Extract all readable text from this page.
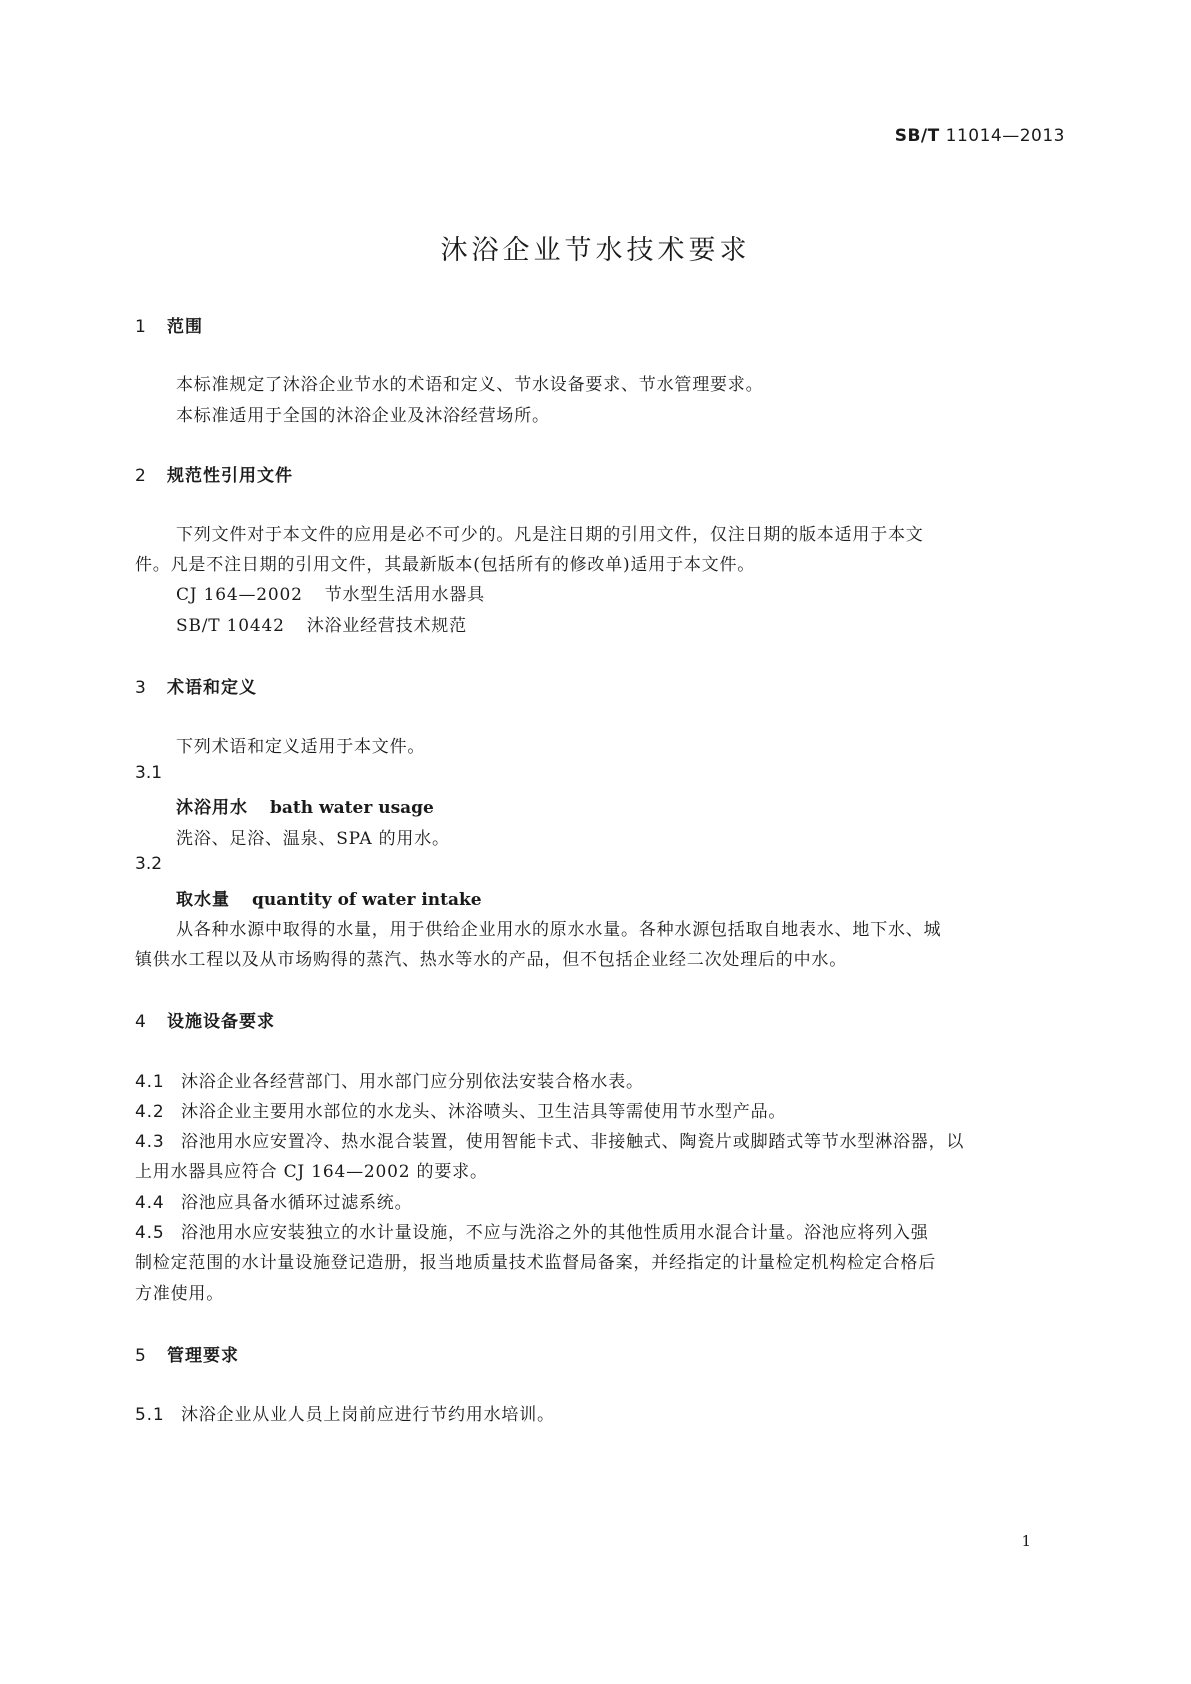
SB/T 11014—2013
沐浴企业节水技术要求
1 范围
本标准规定了沐浴企业节水的术语和定义、节水设备要求、节水管理要求。
本标准适用于全国的沐浴企业及沐浴经营场所。
2 规范性引用文件
下列文件对于本文件的应用是必不可少的。凡是注日期的引用文件，仅注日期的版本适用于本文
件。凡是不注日期的引用文件，其最新版本(包括所有的修改单)适用于本文件。
CJ 164—2002 节水型生活用水器具
SB/T 10442 沐浴业经营技术规范
3 术语和定义
下列术语和定义适用于本文件。
3.1
沐浴用水 bath water usage
洗浴、足浴、温泉、SPA 的用水。
3.2
取水量 quantity of water intake
从各种水源中取得的水量，用于供给企业用水的原水水量。各种水源包括取自地表水、地下水、城
镇供水工程以及从市场购得的蒸汽、热水等水的产品，但不包括企业经二次处理后的中水。
4 设施设备要求
4.1 沐浴企业各经营部门、用水部门应分别依法安装合格水表。
4.2 沐浴企业主要用水部位的水龙头、沐浴喷头、卫生洁具等需使用节水型产品。
4.3 浴池用水应安置冷、热水混合装置，使用智能卡式、非接触式、陶瓷片或脚踏式等节水型淋浴器，以
上用水器具应符合 CJ 164—2002 的要求。
4.4 浴池应具备水循环过滤系统。
4.5 浴池用水应安装独立的水计量设施，不应与洗浴之外的其他性质用水混合计量。浴池应将列入强
制检定范围的水计量设施登记造册，报当地质量技术监督局备案，并经指定的计量检定机构检定合格后
方准使用。
5 管理要求
5.1 沐浴企业从业人员上岗前应进行节约用水培训。
1
